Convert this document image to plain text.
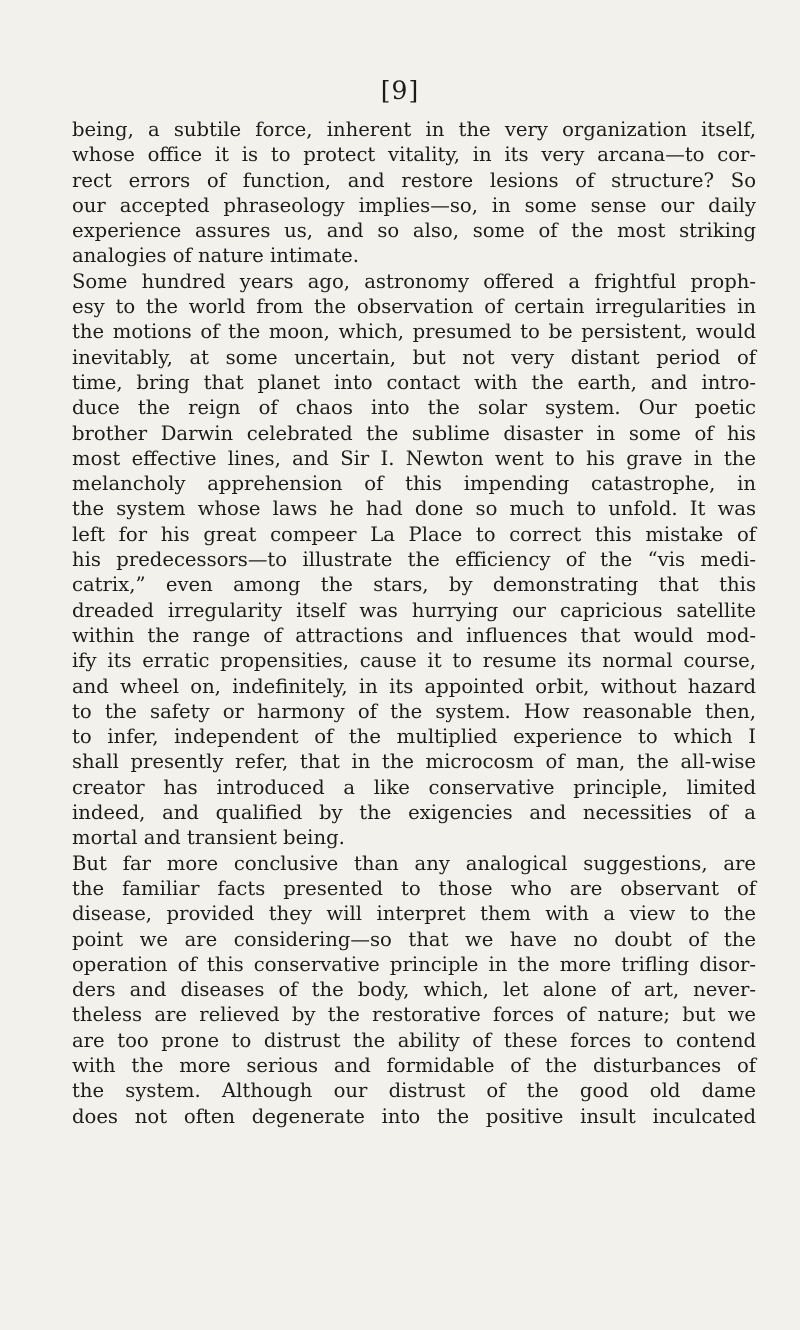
[9]
being, a subtile force, inherent in the very organization itself,
whose office it is to protect vitality, in its very arcana—to cor-
rect errors of function, and restore lesions of structure? So
our accepted phraseology implies—so, in some sense our daily
experience assures us, and so also, some of the most striking
analogies of nature intimate.
Some hundred years ago, astronomy offered a frightful proph-
esy to the world from the observation of certain irregularities in
the motions of the moon, which, presumed to be persistent, would
inevitably, at some uncertain, but not very distant period of
time, bring that planet into contact with the earth, and intro-
duce the reign of chaos into the solar system. Our poetic
brother Darwin celebrated the sublime disaster in some of his
most effective lines, and Sir I. Newton went to his grave in the
melancholy apprehension of this impending catastrophe, in
the system whose laws he had done so much to unfold. It was
left for his great compeer La Place to correct this mistake of
his predecessors—to illustrate the efficiency of the “vis medi-
catrix,” even among the stars, by demonstrating that this
dreaded irregularity itself was hurrying our capricious satellite
within the range of attractions and influences that would mod-
ify its erratic propensities, cause it to resume its normal course,
and wheel on, indefinitely, in its appointed orbit, without hazard
to the safety or harmony of the system. How reasonable then,
to infer, independent of the multiplied experience to which I
shall presently refer, that in the microcosm of man, the all-wise
creator has introduced a like conservative principle, limited
indeed, and qualified by the exigencies and necessities of a
mortal and transient being.
But far more conclusive than any analogical suggestions, are
the familiar facts presented to those who are observant of
disease, provided they will interpret them with a view to the
point we are considering—so that we have no doubt of the
operation of this conservative principle in the more trifling disor-
ders and diseases of the body, which, let alone of art, never-
theless are relieved by the restorative forces of nature; but we
are too prone to distrust the ability of these forces to contend
with the more serious and formidable of the disturbances of
the system. Although our distrust of the good old dame
does not often degenerate into the positive insult inculcated
